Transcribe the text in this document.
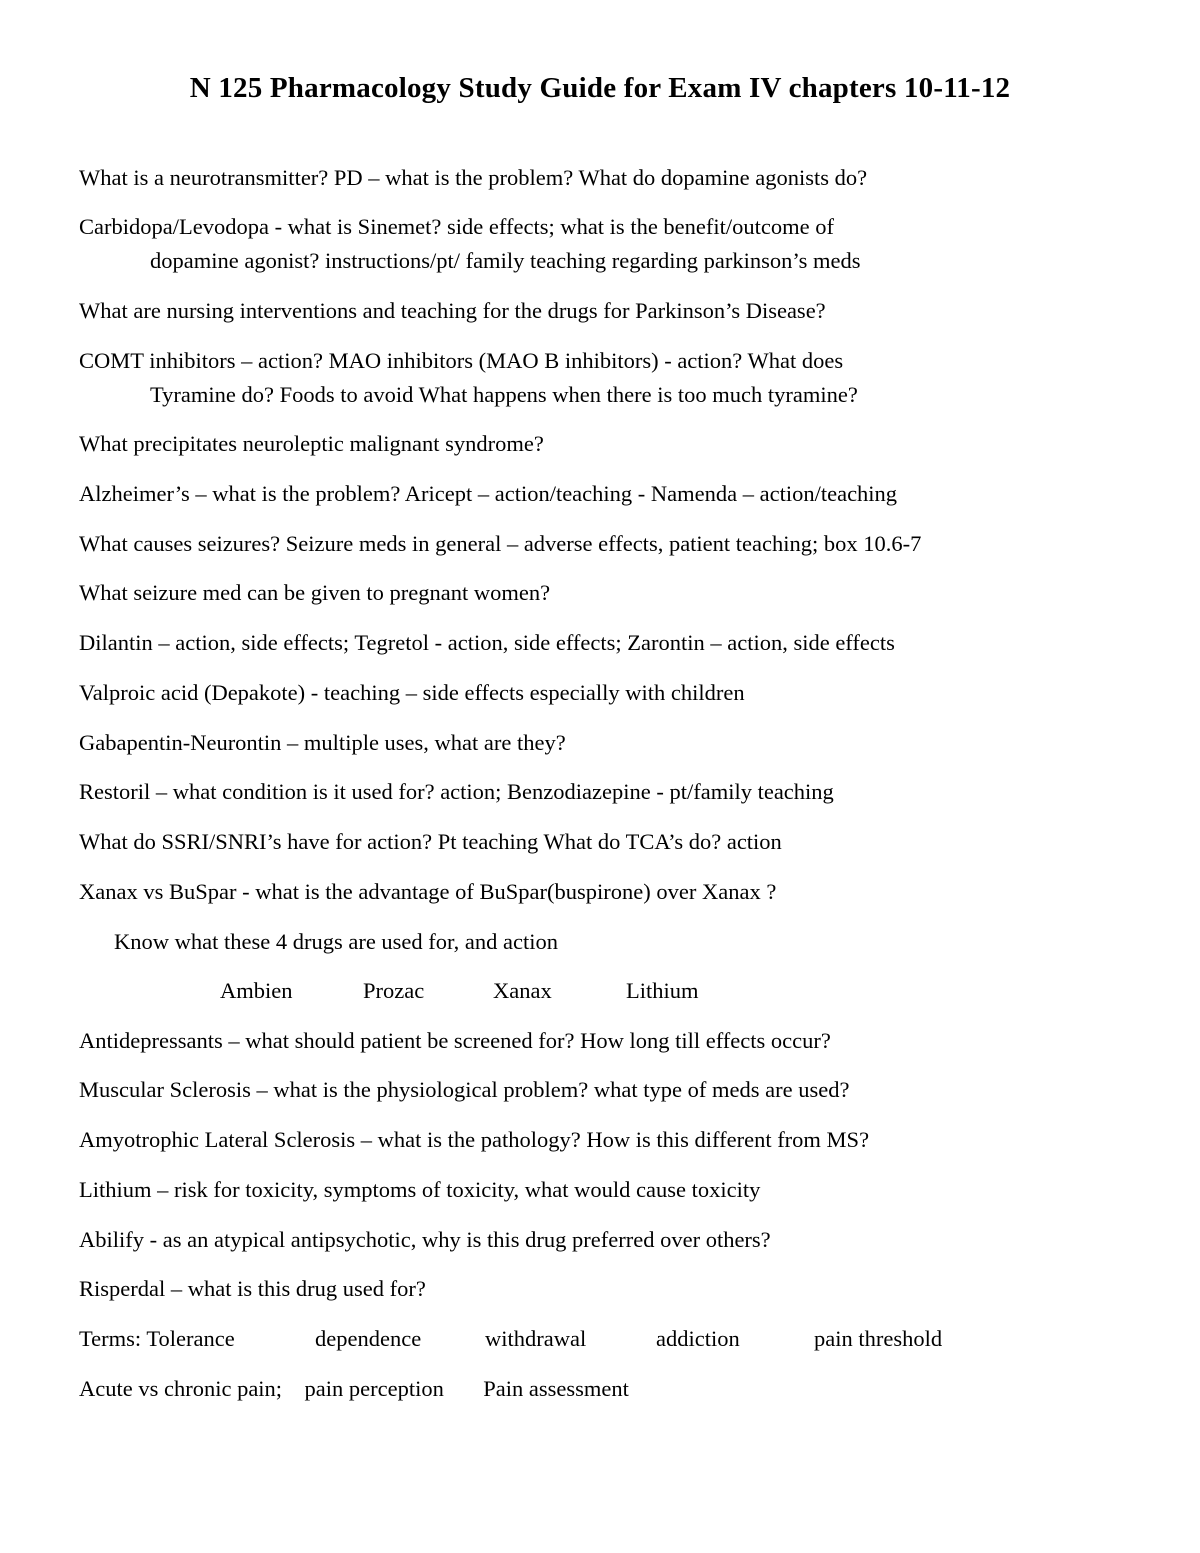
N 125 Pharmacology Study Guide for Exam IV chapters 10-11-12
What is a neurotransmitter? PD – what is the problem? What do dopamine agonists do?
Carbidopa/Levodopa - what is Sinemet? side effects; what is the benefit/outcome of
dopamine agonist? instructions/pt/ family teaching regarding parkinson’s meds
What are nursing interventions and teaching for the drugs for Parkinson’s Disease?
COMT inhibitors – action? MAO inhibitors (MAO B inhibitors) - action? What does
Tyramine do? Foods to avoid What happens when there is too much tyramine?
What precipitates neuroleptic malignant syndrome?
Alzheimer’s – what is the problem? Aricept – action/teaching - Namenda – action/teaching
What causes seizures? Seizure meds in general – adverse effects, patient teaching; box 10.6-7
What seizure med can be given to pregnant women?
Dilantin – action, side effects; Tegretol - action, side effects; Zarontin – action, side effects
Valproic acid (Depakote) - teaching – side effects especially with children
Gabapentin-Neurontin – multiple uses, what are they?
Restoril – what condition is it used for? action; Benzodiazepine - pt/family teaching
What do SSRI/SNRI’s have for action? Pt teaching What do TCA’s do? action
Xanax vs BuSpar - what is the advantage of BuSpar(buspirone) over Xanax ?
Know what these 4 drugs are used for, and action
Ambien	Prozac	Xanax	Lithium
Antidepressants – what should patient be screened for? How long till effects occur?
Muscular Sclerosis – what is the physiological problem? what type of meds are used?
Amyotrophic Lateral Sclerosis – what is the pathology? How is this different from MS?
Lithium – risk for toxicity, symptoms of toxicity, what would cause toxicity
Abilify - as an atypical antipsychotic, why is this drug preferred over others?
Risperdal – what is this drug used for?
Terms: Tolerance	dependence	withdrawal	addiction	pain threshold
Acute vs chronic pain;    pain perception       Pain assessment
